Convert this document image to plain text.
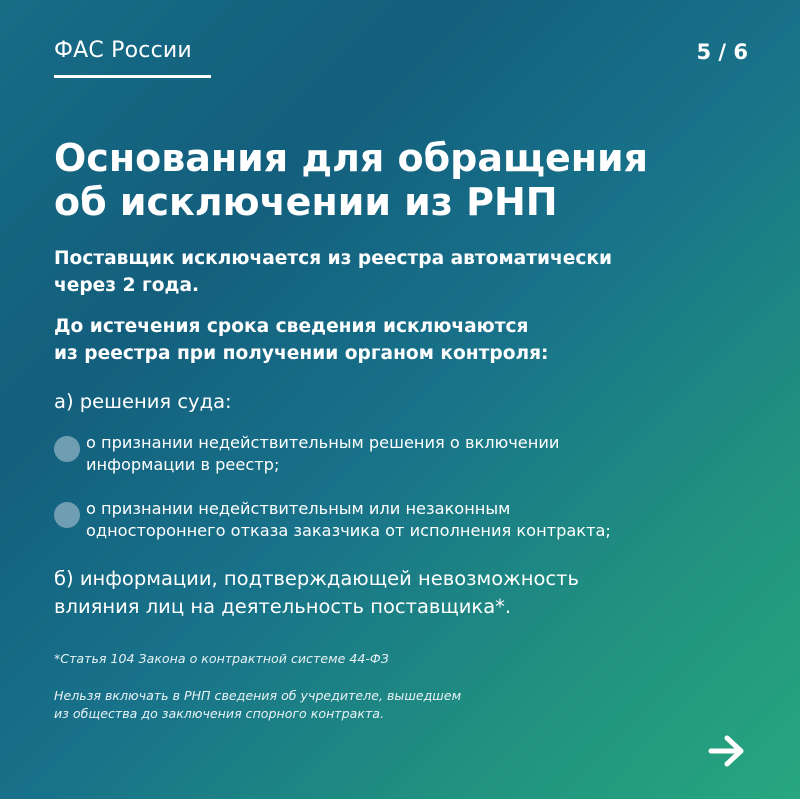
ФАС России	5 / 6
Основания для обращения
об исключении из РНП

Поставщик исключается из реестра автоматически
через 2 года.

До истечения срока сведения исключаются
из реестра при получении органом контроля:

а) решения суда:
о признании недействительным решения о включении
информации в реестр;
о признании недействительным или незаконным
одностороннего отказа заказчика от исполнения контракта;
б) информации, подтверждающей невозможность
влияния лиц на деятельность поставщика*.
*Статья 104 Закона о контрактной системе 44-ФЗ
Нельзя включать в РНП сведения об учредителе, вышедшем
из общества до заключения спорного контракта.
